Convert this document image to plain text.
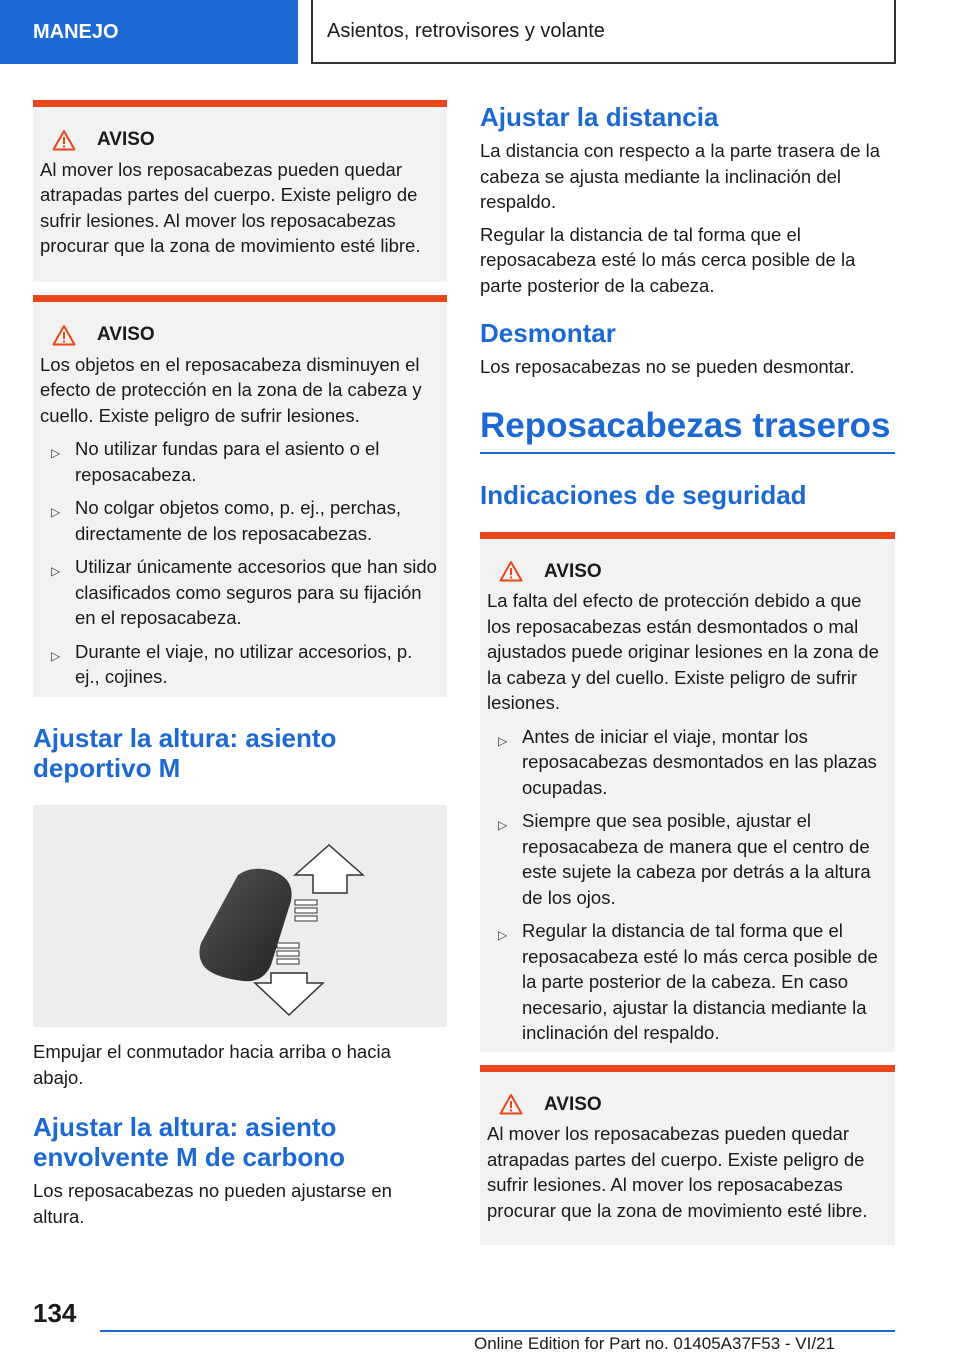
MANEJO	Asientos, retrovisores y volante
AVISO
Al mover los reposacabezas pueden quedar atrapadas partes del cuerpo. Existe peligro de sufrir lesiones. Al mover los reposacabezas procurar que la zona de movimiento esté libre.
AVISO
Los objetos en el reposacabeza disminuyen el efecto de protección en la zona de la cabeza y cuello. Existe peligro de sufrir lesiones.
▷ No utilizar fundas para el asiento o el reposacabeza.
▷ No colgar objetos como, p. ej., perchas, directamente de los reposacabezas.
▷ Utilizar únicamente accesorios que han sido clasificados como seguros para su fijación en el reposacabeza.
▷ Durante el viaje, no utilizar accesorios, p. ej., cojines.
Ajustar la altura: asiento deportivo M

Empujar el conmutador hacia arriba o hacia abajo.

Ajustar la altura: asiento envolvente M de carbono

Los reposacabezas no pueden ajustarse en altura.

Ajustar la distancia

La distancia con respecto a la parte trasera de la cabeza se ajusta mediante la inclinación del respaldo.

Regular la distancia de tal forma que el reposacabeza esté lo más cerca posible de la parte posterior de la cabeza.

Desmontar

Los reposacabezas no se pueden desmontar.

Reposacabezas traseros
Indicaciones de seguridad
AVISO
La falta del efecto de protección debido a que los reposacabezas están desmontados o mal ajustados puede originar lesiones en la zona de la cabeza y del cuello. Existe peligro de sufrir lesiones.
▷ Antes de iniciar el viaje, montar los reposacabezas desmontados en las plazas ocupadas.
▷ Siempre que sea posible, ajustar el reposacabeza de manera que el centro de este sujete la cabeza por detrás a la altura de los ojos.
▷ Regular la distancia de tal forma que el reposacabeza esté lo más cerca posible de la parte posterior de la cabeza. En caso necesario, ajustar la distancia mediante la inclinación del respaldo.
AVISO
Al mover los reposacabezas pueden quedar atrapadas partes del cuerpo. Existe peligro de sufrir lesiones. Al mover los reposacabezas procurar que la zona de movimiento esté libre.
134
Online Edition for Part no. 01405A37F53 - VI/21
